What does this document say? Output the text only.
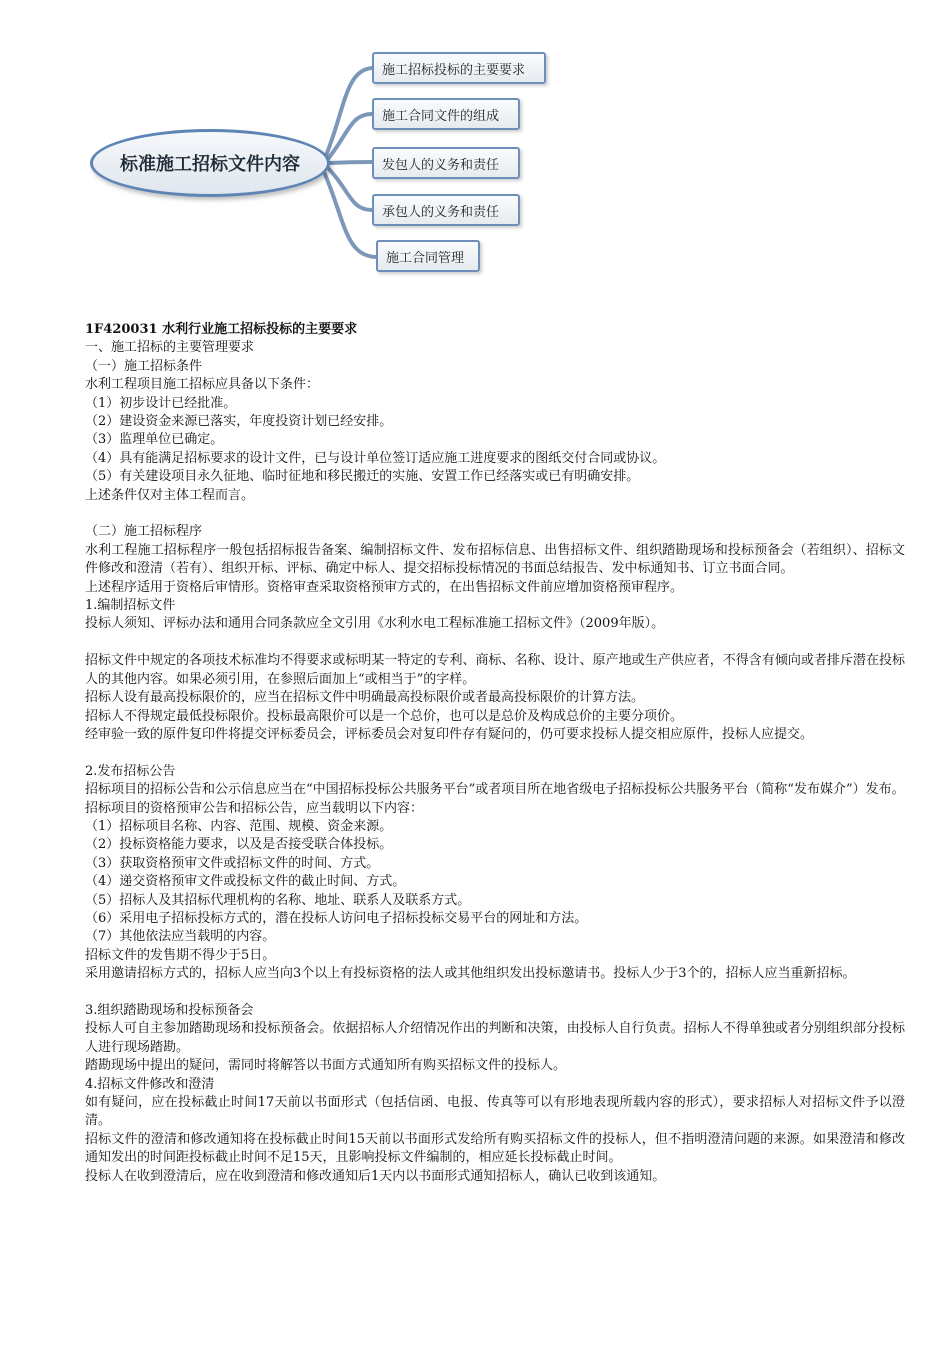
标准施工招标文件内容
施工招标投标的主要要求
施工合同文件的组成
发包人的义务和责任
承包人的义务和责任
施工合同管理

1F420031 水利行业施工招标投标的主要要求

一、施工招标的主要管理要求

（一）施工招标条件

水利工程项目施工招标应具备以下条件：

（1）初步设计已经批准。

（2）建设资金来源已落实，年度投资计划已经安排。

（3）监理单位已确定。

（4）具有能满足招标要求的设计文件，已与设计单位签订适应施工进度要求的图纸交付合同或协议。

（5）有关建设项目永久征地、临时征地和移民搬迁的实施、安置工作已经落实或已有明确安排。

上述条件仅对主体工程而言。

（二）施工招标程序

水利工程施工招标程序一般包括招标报告备案、编制招标文件、发布招标信息、出售招标文件、组织踏勘现场和投标预备会（若组织）、招标文件修改和澄清（若有）、组织开标、评标、确定中标人、提交招标投标情况的书面总结报告、发中标通知书、订立书面合同。

上述程序适用于资格后审情形。资格审查采取资格预审方式的，在出售招标文件前应增加资格预审程序。

1.编制招标文件

投标人须知、评标办法和通用合同条款应全文引用《水利水电工程标准施工招标文件》（2009年版）。

招标文件中规定的各项技术标准均不得要求或标明某一特定的专利、商标、名称、设计、原产地或生产供应者，不得含有倾向或者排斥潜在投标人的其他内容。如果必须引用，在参照后面加上“或相当于”的字样。

招标人设有最高投标限价的，应当在招标文件中明确最高投标限价或者最高投标限价的计算方法。

招标人不得规定最低投标限价。投标最高限价可以是一个总价，也可以是总价及构成总价的主要分项价。

经审验一致的原件复印件将提交评标委员会，评标委员会对复印件存有疑问的，仍可要求投标人提交相应原件，投标人应提交。

2.发布招标公告

招标项目的招标公告和公示信息应当在“中国招标投标公共服务平台”或者项目所在地省级电子招标投标公共服务平台（简称“发布媒介”）发布。

招标项目的资格预审公告和招标公告，应当载明以下内容：

（1）招标项目名称、内容、范围、规模、资金来源。

（2）投标资格能力要求，以及是否接受联合体投标。

（3）获取资格预审文件或招标文件的时间、方式。

（4）递交资格预审文件或投标文件的截止时间、方式。

（5）招标人及其招标代理机构的名称、地址、联系人及联系方式。

（6）采用电子招标投标方式的，潜在投标人访问电子招标投标交易平台的网址和方法。

（7）其他依法应当载明的内容。

招标文件的发售期不得少于5日。

采用邀请招标方式的，招标人应当向3个以上有投标资格的法人或其他组织发出投标邀请书。投标人少于3个的，招标人应当重新招标。

3.组织踏勘现场和投标预备会

投标人可自主参加踏勘现场和投标预备会。依据招标人介绍情况作出的判断和决策，由投标人自行负责。招标人不得单独或者分别组织部分投标人进行现场踏勘。

踏勘现场中提出的疑问，需同时将解答以书面方式通知所有购买招标文件的投标人。

4.招标文件修改和澄清

如有疑问，应在投标截止时间17天前以书面形式（包括信函、电报、传真等可以有形地表现所载内容的形式），要求招标人对招标文件予以澄清。

招标文件的澄清和修改通知将在投标截止时间15天前以书面形式发给所有购买招标文件的投标人，但不指明澄清问题的来源。如果澄清和修改通知发出的时间距投标截止时间不足15天，且影响投标文件编制的，相应延长投标截止时间。

投标人在收到澄清后，应在收到澄清和修改通知后1天内以书面形式通知招标人，确认已收到该通知。
